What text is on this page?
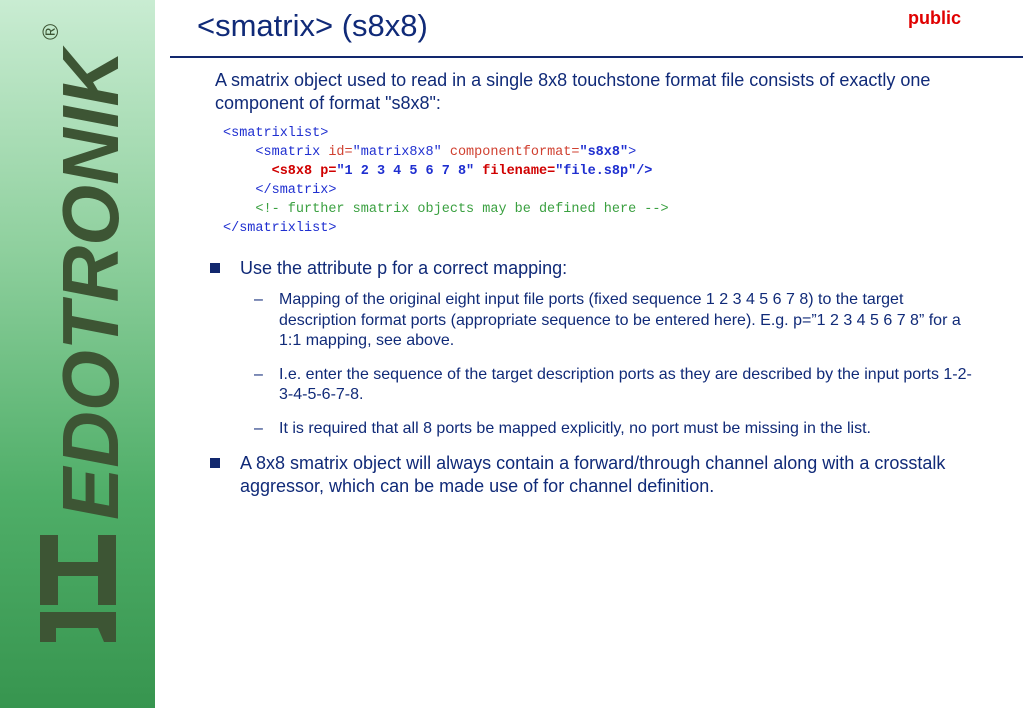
EDOTRONIK
®	<smatrix> (s8x8)	public

A smatrix object used to read in a single 8x8 touchstone format file consists of exactly one component of format "s8x8":

<smatrixlist>
<smatrix id="matrix8x8" componentformat="s8x8">
<s8x8 p="1 2 3 4 5 6 7 8" filename="file.s8p"/>
</smatrix>
<!- further smatrix objects may be defined here -->
</smatrixlist>
Use the attribute p for a correct mapping:
– Mapping of the original eight input file ports (fixed sequence 1 2 3 4 5 6 7 8) to the target description format ports (appropriate sequence to be entered here). E.g. p=”1 2 3 4 5 6 7 8” for a 1:1 mapping, see above.
– I.e. enter the sequence of the target description ports as they are described by the input ports 1-2-3-4-5-6-7-8.
– It is required that all 8 ports be mapped explicitly, no port must be missing in the list.
A 8x8 smatrix object will always contain a forward/through channel along with a crosstalk aggressor, which can be made use of for channel definition.
